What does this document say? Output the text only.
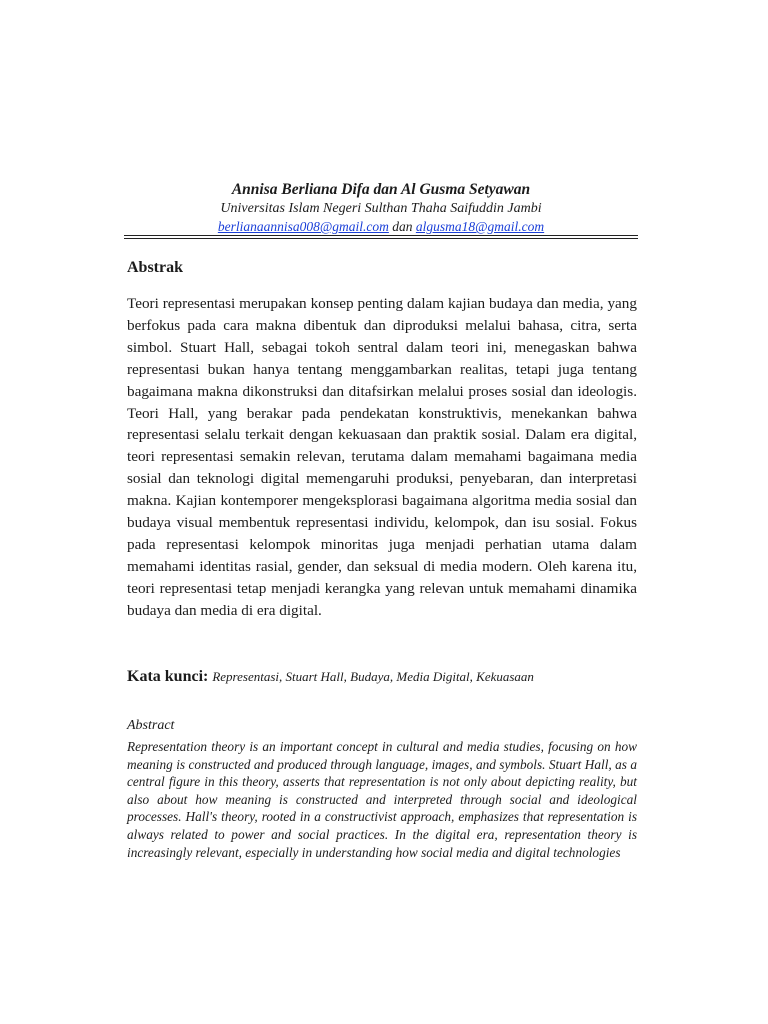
Annisa Berliana Difa dan Al Gusma Setyawan
Universitas Islam Negeri Sulthan Thaha Saifuddin Jambi
berlianaannisa008@gmail.com dan algusma18@gmail.com
Abstrak
Teori representasi merupakan konsep penting dalam kajian budaya dan media, yang berfokus pada cara makna dibentuk dan diproduksi melalui bahasa, citra, serta simbol. Stuart Hall, sebagai tokoh sentral dalam teori ini, menegaskan bahwa representasi bukan hanya tentang menggambarkan realitas, tetapi juga tentang bagaimana makna dikonstruksi dan ditafsirkan melalui proses sosial dan ideologis. Teori Hall, yang berakar pada pendekatan konstruktivis, menekankan bahwa representasi selalu terkait dengan kekuasaan dan praktik sosial. Dalam era digital, teori representasi semakin relevan, terutama dalam memahami bagaimana media sosial dan teknologi digital memengaruhi produksi, penyebaran, dan interpretasi makna. Kajian kontemporer mengeksplorasi bagaimana algoritma media sosial dan budaya visual membentuk representasi individu, kelompok, dan isu sosial. Fokus pada representasi kelompok minoritas juga menjadi perhatian utama dalam memahami identitas rasial, gender, dan seksual di media modern. Oleh karena itu, teori representasi tetap menjadi kerangka yang relevan untuk memahami dinamika budaya dan media di era digital.
Kata kunci: Representasi, Stuart Hall, Budaya, Media Digital, Kekuasaan
Abstract
Representation theory is an important concept in cultural and media studies, focusing on how meaning is constructed and produced through language, images, and symbols. Stuart Hall, as a central figure in this theory, asserts that representation is not only about depicting reality, but also about how meaning is constructed and interpreted through social and ideological processes. Hall's theory, rooted in a constructivist approach, emphasizes that representation is always related to power and social practices. In the digital era, representation theory is increasingly relevant, especially in understanding how social media and digital technologies
